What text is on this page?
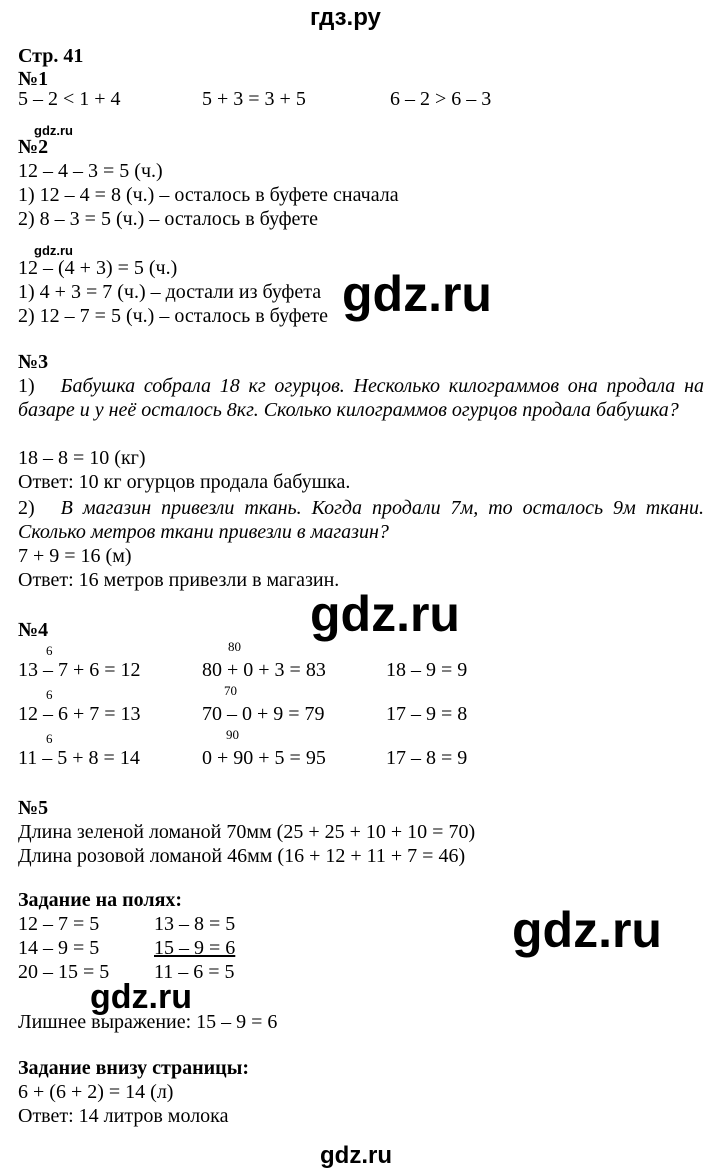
гдз.ру
Стр. 41
№1
5 – 2 < 1 + 4	5 + 3 = 3 + 5	6 – 2 > 6 – 3
gdz.ru
№2
12 – 4 – 3 = 5 (ч.)
1) 12 – 4 = 8 (ч.) – осталось в буфете сначала
2) 8 – 3 = 5 (ч.) – осталось в буфете
gdz.ru
12 – (4 + 3) = 5 (ч.)
1) 4 + 3 = 7 (ч.) – достали из буфета
2) 12 – 7 = 5 (ч.) – осталось в буфете gdz.ru
№3
1) Бабушка собрала 18 кг огурцов. Несколько килограммов она продала на базаре и у неё осталось 8кг. Сколько килограммов огурцов продала бабушка?
18 – 8 = 10 (кг)
Ответ: 10 кг огурцов продала бабушка.
2) В магазин привезли ткань. Когда продали 7м, то осталось 9м ткани. Сколько метров ткани привезли в магазин?
7 + 9 = 16 (м)
Ответ: 16 метров привезли в магазин.
gdz.ru
№4
6	80
13 – 7 + 6 = 12	80 + 0 + 3 = 83	18 – 9 = 9
6	70
12 – 6 + 7 = 13	70 – 0 + 9 = 79	17 – 9 = 8
6	90
11 – 5 + 8 = 14	0 + 90 + 5 = 95	17 – 8 = 9
№5
Длина зеленой ломаной 70мм (25 + 25 + 10 + 10 = 70)
Длина розовой ломаной 46мм (16 + 12 + 11 + 7 = 46)
Задание на полях:
12 – 7 = 5	13 – 8 = 5
14 – 9 = 5	15 – 9 = 6
20 – 15 = 5 11 – 6 = 5
gdz.ru
Лишнее выражение: 15 – 9 = 6
gdz.ru
Задание внизу страницы:
6 + (6 + 2) = 14 (л)
Ответ: 14 литров молока
gdz.ru
